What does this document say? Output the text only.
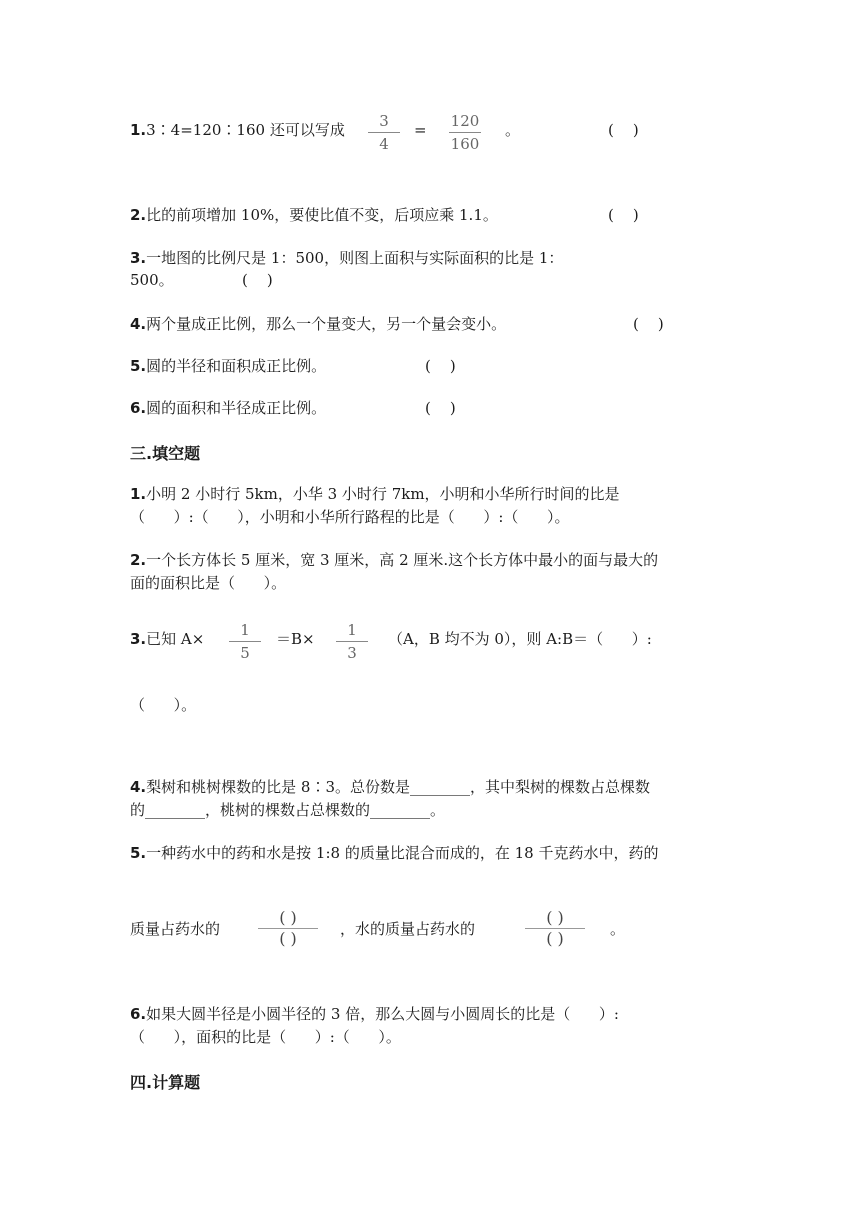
1.3∶4=120∶160 还可以写成	3
4
=	120
160
。	(    )
2.比的前项增加 10%，要使比值不变，后项应乘 1.1。	(    )
3.一地图的比例尺是 1：500，则图上面积与实际面积的比是 1：
500。	(    )
4.两个量成正比例，那么一个量变大，另一个量会变小。	(    )
5.圆的半径和面积成正比例。	(    )
6.圆的面积和半径成正比例。	(    )
三.填空题
1.小明 2 小时行 5km，小华 3 小时行 7km，小明和小华所行时间的比是
（      ）:（      ），小明和小华所行路程的比是（      ）:（      ）。
2.一个长方体长 5 厘米，宽 3 厘米，高 2 厘米.这个长方体中最小的面与最大的
面的面积比是（      ）。
3.已知 A×	1
5
＝B×	1
3
（A，B 均不为 0），则 A:B＝（      ）:
（      ）。
4.梨树和桃树棵数的比是 8∶3。总份数是________，其中梨树的棵数占总棵数
的________，桃树的棵数占总棵数的________。
5.一种药水中的药和水是按 1:8 的质量比混合而成的，在 18 千克药水中，药的
质量占药水的
( )
( )	，水的质量占药水的
( )
( )	。
6.如果大圆半径是小圆半径的 3 倍，那么大圆与小圆周长的比是（      ）:
（      ），面积的比是（      ）:（      ）。
四.计算题
